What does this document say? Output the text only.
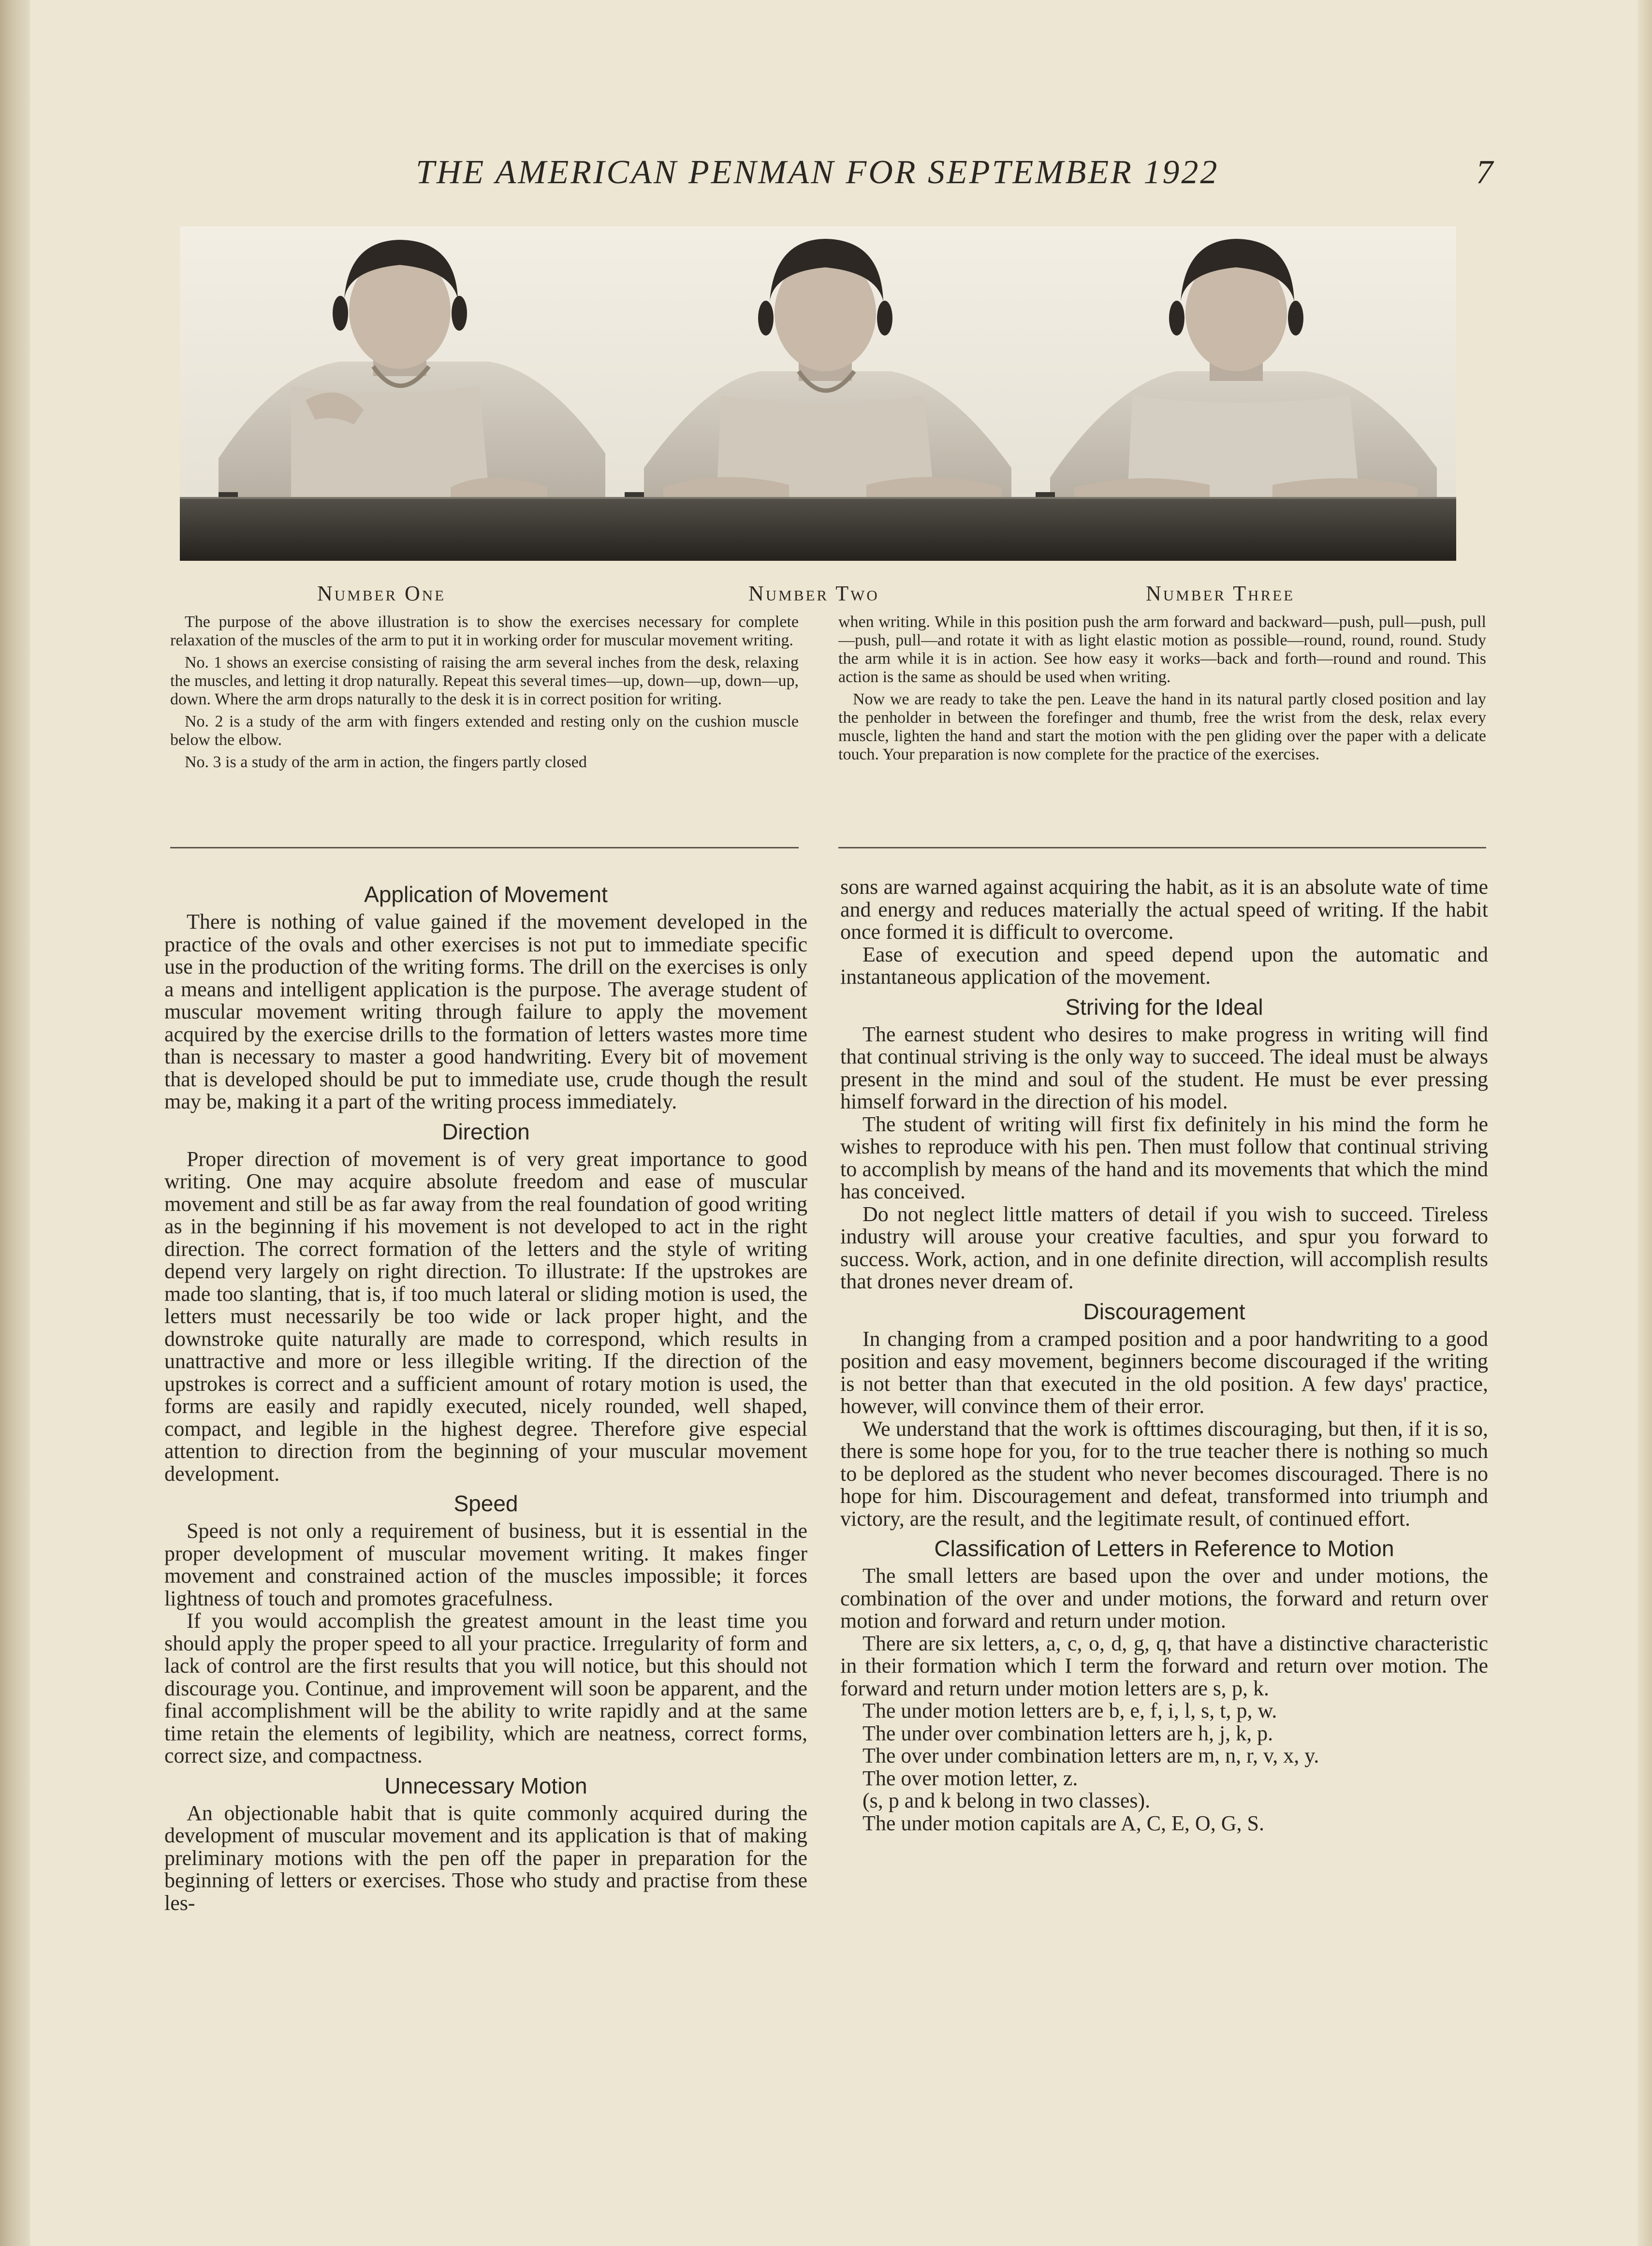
THE AMERICAN PENMAN FOR SEPTEMBER 1922	7
Number One	Number Two	Number Three

The purpose of the above illustration is to show the exercises necessary for complete relaxation of the muscles of the arm to put it in working order for muscular movement writing.

No. 1 shows an exercise consisting of raising the arm several inches from the desk, relaxing the muscles, and letting it drop naturally. Repeat this several times—up, down—up, down—up, down. Where the arm drops naturally to the desk it is in correct position for writing.

No. 2 is a study of the arm with fingers extended and resting only on the cushion muscle below the elbow.

No. 3 is a study of the arm in action, the fingers partly closed

when writing. While in this position push the arm forward and backward—push, pull—push, pull—push, pull—and rotate it with as light elastic motion as possible—round, round, round. Study the arm while it is in action. See how easy it works—back and forth—round and round. This action is the same as should be used when writing.

Now we are ready to take the pen. Leave the hand in its natural partly closed position and lay the penholder in between the forefinger and thumb, free the wrist from the desk, relax every muscle, lighten the hand and start the motion with the pen gliding over the paper with a delicate touch. Your preparation is now complete for the practice of the exercises.

Application of Movement

There is nothing of value gained if the movement developed in the practice of the ovals and other exercises is not put to immediate specific use in the production of the writing forms. The drill on the exercises is only a means and intelligent application is the purpose. The average student of muscular movement writing through failure to apply the movement acquired by the exercise drills to the formation of letters wastes more time than is necessary to master a good handwriting. Every bit of movement that is developed should be put to immediate use, crude though the result may be, making it a part of the writing process immediately.

Direction

Proper direction of movement is of very great importance to good writing. One may acquire absolute freedom and ease of muscular movement and still be as far away from the real foundation of good writing as in the beginning if his movement is not developed to act in the right direction. The correct formation of the letters and the style of writing depend very largely on right direction. To illustrate: If the upstrokes are made too slanting, that is, if too much lateral or sliding motion is used, the letters must necessarily be too wide or lack proper hight, and the downstroke quite naturally are made to correspond, which results in unattractive and more or less illegible writing. If the direction of the upstrokes is correct and a sufficient amount of rotary motion is used, the forms are easily and rapidly executed, nicely rounded, well shaped, compact, and legible in the highest degree. Therefore give especial attention to direction from the beginning of your muscular movement development.

Speed

Speed is not only a requirement of business, but it is essential in the proper development of muscular movement writing. It makes finger movement and constrained action of the muscles impossible; it forces lightness of touch and promotes gracefulness.

If you would accomplish the greatest amount in the least time you should apply the proper speed to all your practice. Irregularity of form and lack of control are the first results that you will notice, but this should not discourage you. Continue, and improvement will soon be apparent, and the final accomplishment will be the ability to write rapidly and at the same time retain the elements of legibility, which are neatness, correct forms, correct size, and compactness.

Unnecessary Motion

An objectionable habit that is quite commonly acquired during the development of muscular movement and its application is that of making preliminary motions with the pen off the paper in preparation for the beginning of letters or exercises. Those who study and practise from these les-

sons are warned against acquiring the habit, as it is an absolute wate of time and energy and reduces materially the actual speed of writing. If the habit once formed it is difficult to overcome.

Ease of execution and speed depend upon the automatic and instantaneous application of the movement.

Striving for the Ideal

The earnest student who desires to make progress in writing will find that continual striving is the only way to succeed. The ideal must be always present in the mind and soul of the student. He must be ever pressing himself forward in the direction of his model.

The student of writing will first fix definitely in his mind the form he wishes to reproduce with his pen. Then must follow that continual striving to accomplish by means of the hand and its movements that which the mind has conceived.

Do not neglect little matters of detail if you wish to succeed. Tireless industry will arouse your creative faculties, and spur you forward to success. Work, action, and in one definite direction, will accomplish results that drones never dream of.

Discouragement

In changing from a cramped position and a poor handwriting to a good position and easy movement, beginners become discouraged if the writing is not better than that executed in the old position. A few days' practice, however, will convince them of their error.

We understand that the work is ofttimes discouraging, but then, if it is so, there is some hope for you, for to the true teacher there is nothing so much to be deplored as the student who never becomes discouraged. There is no hope for him. Discouragement and defeat, transformed into triumph and victory, are the result, and the legitimate result, of continued effort.

Classification of Letters in Reference to Motion

The small letters are based upon the over and under motions, the combination of the over and under motions, the forward and return over motion and forward and return under motion.

There are six letters, a, c, o, d, g, q, that have a distinctive characteristic in their formation which I term the forward and return over motion. The forward and return under motion letters are s, p, k.

The under motion letters are b, e, f, i, l, s, t, p, w.

The under over combination letters are h, j, k, p.

The over under combination letters are m, n, r, v, x, y.

The over motion letter, z.

(s, p and k belong in two classes).

The under motion capitals are A, C, E, O, G, S.
